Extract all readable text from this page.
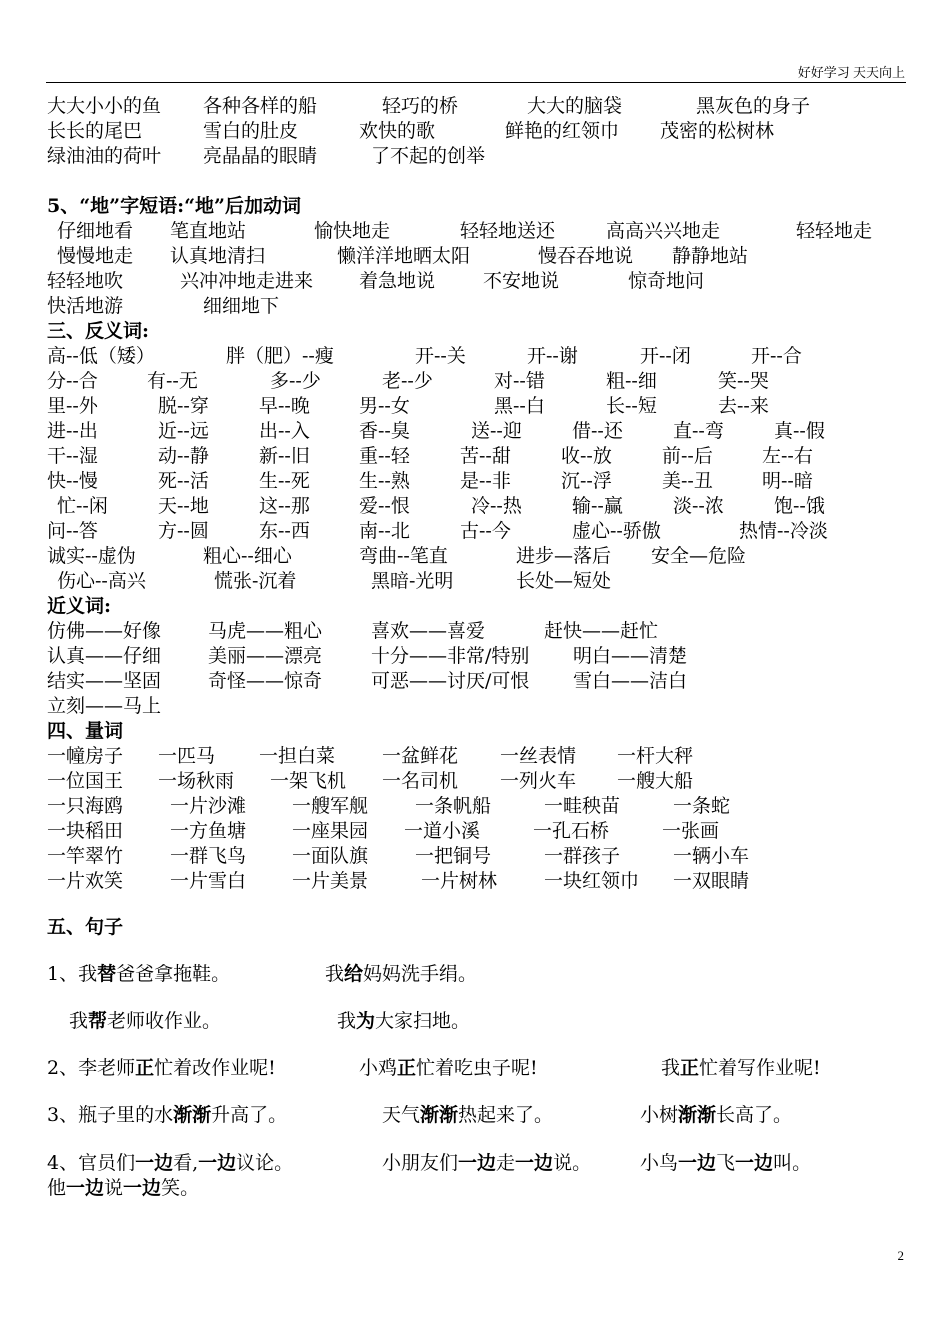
好好学习 天天向上
大大小小的鱼 各种各样的船	轻巧的桥	大大的脑袋	黑灰色的身子
长长的尾巴	雪白的肚皮	欢快的歌	鲜艳的红领巾 茂密的松树林
绿油油的荷叶 亮晶晶的眼睛	了不起的创举
5、“地”字短语:“地”后加动词
仔细地看 笔直地站	愉快地走	轻轻地送还	高高兴兴地走	轻轻地走
慢慢地走 认真地清扫	懒洋洋地晒太阳	慢吞吞地说 静静地站
轻轻地吹	兴冲冲地走进来 着急地说	不安地说	惊奇地问
快活地游	细细地下
三、反义词:
高--低（矮）	胖（肥）--瘦	开--关	开--谢	开--闭	开--合
分--合	有--无	多--少	老--少	对--错	粗--细	笑--哭
里--外	脱--穿	早--晚	男--女	黑--白	长--短	去--来
进--出	近--远	出--入	香--臭	送--迎	借--还	直--弯	真--假
干--湿	动--静	新--旧	重--轻	苦--甜	收--放	前--后	左--右
快--慢	死--活	生--死	生--熟	是--非	沉--浮	美--丑	明--暗
忙--闲	天--地	这--那	爱--恨	冷--热	输--赢	淡--浓	饱--饿
问--答	方--圆	东--西	南--北	古--今	虚心--骄傲	热情--冷淡
诚实--虚伪	粗心--细心	弯曲--笔直	进步—落后 安全—危险
伤心--高兴	慌张-沉着	黑暗-光明	长处—短处
近义词:
仿佛——好像 马虎——粗心	喜欢——喜爱	赶快——赶忙
认真——仔细 美丽——漂亮	十分——非常/特别 明白——清楚
结实——坚固 奇怪——惊奇	可恶——讨厌/可恨 雪白——洁白
立刻——马上
四、量词
一幢房子 一匹马 一担白菜 一盆鲜花 一丝表情 一杆大秤
一位国王 一场秋雨 一架飞机 一名司机 一列火车 一艘大船
一只海鸥 一片沙滩 一艘军舰 一条帆船	一畦秧苗	一条蛇
一块稻田 一方鱼塘 一座果园 一道小溪	一孔石桥	一张画
一竿翠竹 一群飞鸟 一面队旗 一把铜号	一群孩子	一辆小车
一片欢笑 一片雪白 一片美景	一片树林 一块红领巾 一双眼睛
五、句子
1、我替爸爸拿拖鞋。	我给妈妈洗手绢。
我帮老师收作业。	我为大家扫地。
2、李老师正忙着改作业呢!	小鸡正忙着吃虫子呢!	我正忙着写作业呢!
3、瓶子里的水渐渐升高了。	天气渐渐热起来了。	小树渐渐长高了。
4、官员们一边看,一边议论。	小朋友们一边走一边说。	小鸟一边飞一边叫。
他一边说一边笑。
2
